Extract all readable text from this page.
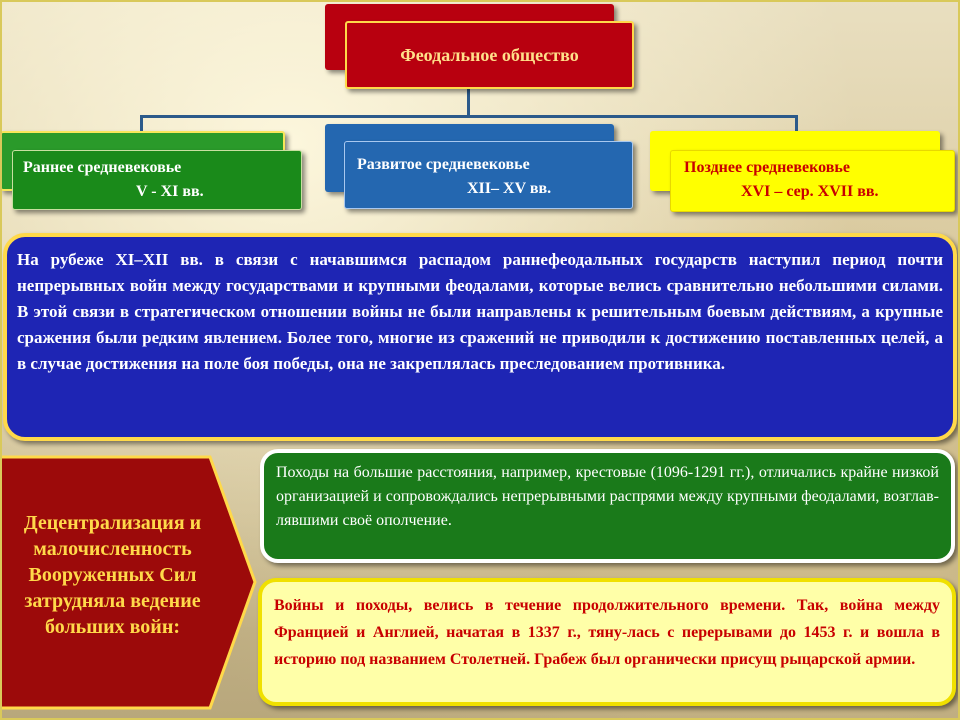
Феодальное общество
Раннее средневековье
V - XI вв.
Развитое средневековье
XII– XV вв.
Позднее средневековье
XVI – сер. XVII вв.
На рубеже XI–XII вв. в связи с начавшимся распадом раннефеодальных государств наступил период почти непрерывных войн между государствами и крупными феодалами, которые велись сравнительно небольшими силами. В этой связи в стратегическом отношении войны не были направлены к решительным боевым действиям, а крупные сражения были редким явлением. Более того, многие из сражений не приводили к достижению поставленных целей, а в случае достижения на поле боя победы, она не закреплялась преследованием противника.
Децентрализация и малочисленность Вооруженных Сил затрудняла ведение больших войн:
Походы на большие расстояния, например, крестовые (1096-1291 гг.), отличались крайне низкой организацией и сопровождались непрерывными распрями между крупными феодалами, возглав-лявшими своё ополчение.
Войны и походы, велись в течение продолжительного времени. Так, война между Францией и Англией, начатая в 1337 г., тяну-лась с перерывами до 1453 г. и вошла в историю под названием Столетней. Грабеж был органически присущ рыцарской армии.
